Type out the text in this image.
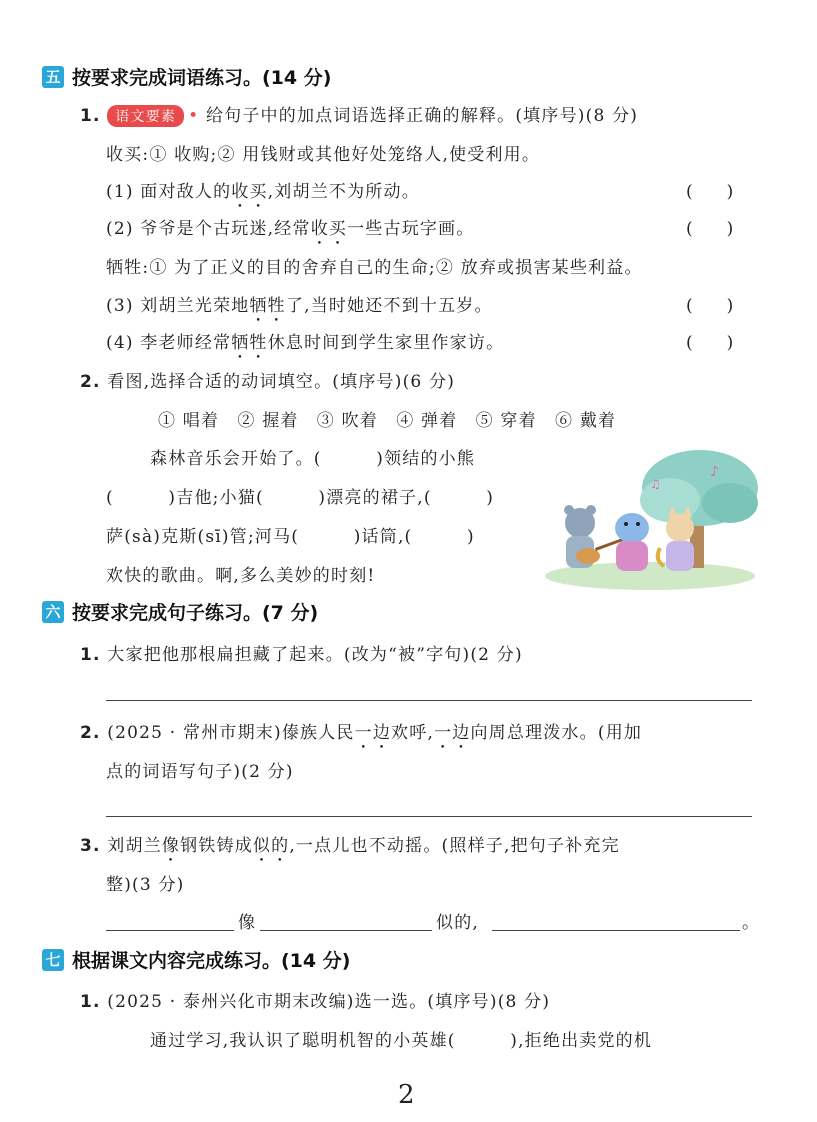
五 按要求完成词语练习。(14 分)
1. 语文要素 • 给句子中的加点词语选择正确的解释。(填序号)(8 分)
收买:① 收购;② 用钱财或其他好处笼络人,使受利用。
(1) 面对敌人的收买,刘胡兰不为所动。	(　　)
(2) 爷爷是个古玩迷,经常收买一些古玩字画。	(　　)
牺牲:① 为了正义的目的舍弃自己的生命;② 放弃或损害某些利益。
(3) 刘胡兰光荣地牺牲了,当时她还不到十五岁。	(　　)
(4) 李老师经常牺牲休息时间到学生家里作家访。	(　　)
2. 看图,选择合适的动词填空。(填序号)(6 分)
① 唱着　② 握着　③ 吹着　④ 弹着　⑤ 穿着　⑥ 戴着
森林音乐会开始了。(　　　)领结的小熊
(　　　)吉他;小猫(　　　)漂亮的裙子,(　　　)
萨(sà)克斯(sī)管;河马(　　　)话筒,(　　　)
欢快的歌曲。啊,多么美妙的时刻!
♪
♫
六 按要求完成句子练习。(7 分)
1. 大家把他那根扁担藏了起来。(改为“被”字句)(2 分)
2. (2025 · 常州市期末)傣族人民一边欢呼,一边向周总理泼水。(用加
点的词语写句子)(2 分)
3. 刘胡兰像钢铁铸成似的,一点儿也不动摇。(照样子,把句子补充完
整)(3 分)
像	似的,	。
七 根据课文内容完成练习。(14 分)
1. (2025 · 泰州兴化市期末改编)选一选。(填序号)(8 分)
通过学习,我认识了聪明机智的小英雄(　　　),拒绝出卖党的机
2
